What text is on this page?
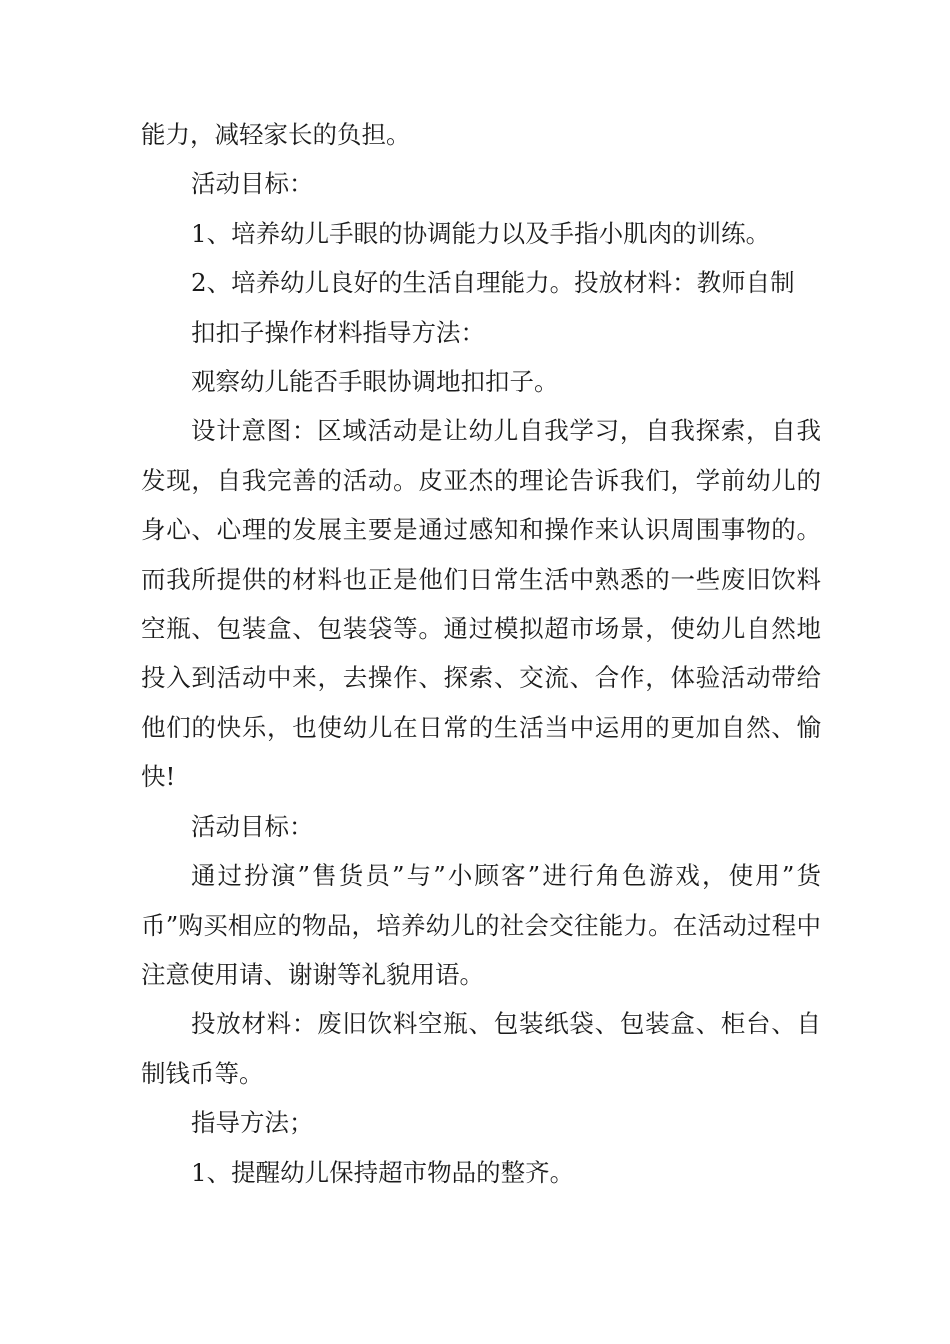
能力，减轻家长的负担。

活动目标：

1、培养幼儿手眼的协调能力以及手指小肌肉的训练。

2、培养幼儿良好的生活自理能力。投放材料：教师自制

扣扣子操作材料指导方法：

观察幼儿能否手眼协调地扣扣子。

设计意图：区域活动是让幼儿自我学习，自我探索，自我发现，自我完善的活动。皮亚杰的理论告诉我们，学前幼儿的身心、心理的发展主要是通过感知和操作来认识周围事物的。而我所提供的材料也正是他们日常生活中熟悉的一些废旧饮料空瓶、包装盒、包装袋等。通过模拟超市场景，使幼儿自然地投入到活动中来，去操作、探索、交流、合作，体验活动带给他们的快乐，也使幼儿在日常的生活当中运用的更加自然、愉快!

活动目标：

通过扮演”售货员”与”小顾客”进行角色游戏，使用”货币”购买相应的物品，培养幼儿的社会交往能力。在活动过程中注意使用请、谢谢等礼貌用语。

投放材料：废旧饮料空瓶、包装纸袋、包装盒、柜台、自制钱币等。

指导方法；

1、提醒幼儿保持超市物品的整齐。
